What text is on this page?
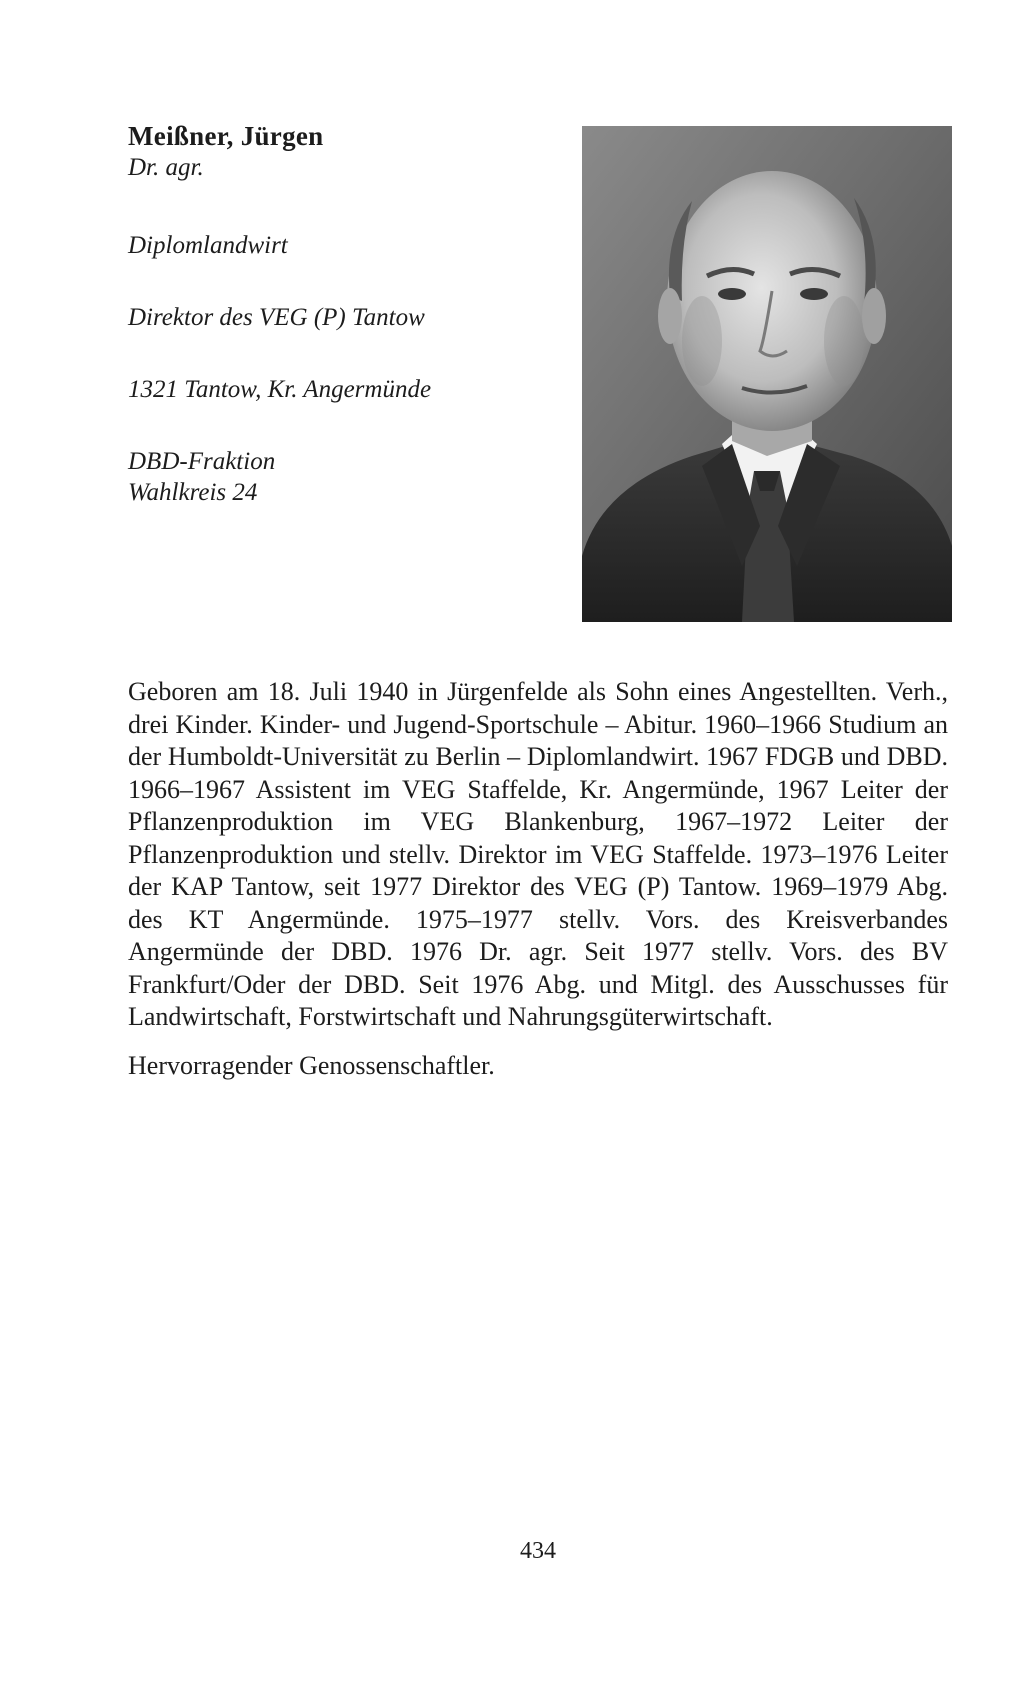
Meißner, Jürgen

Dr. agr.

Diplomlandwirt

Direktor des VEG (P) Tantow

1321 Tantow, Kr. Angermünde

DBD-Fraktion

Wahlkreis 24

Geboren am 18. Juli 1940 in Jürgenfelde als Sohn eines Angestellten. Verh., drei Kinder. Kinder- und Jugend-Sportschule – Abitur. 1960–1966 Studium an der Humboldt-Universität zu Berlin – Diplomlandwirt. 1967 FDGB und DBD. 1966–1967 Assistent im VEG Staffelde, Kr. Angermünde, 1967 Leiter der Pflanzenproduktion im VEG Blankenburg, 1967–1972 Leiter der Pflanzenproduktion und stellv. Direktor im VEG Staffelde. 1973–1976 Leiter der KAP Tantow, seit 1977 Direktor des VEG (P) Tantow. 1969–1979 Abg. des KT Angermünde. 1975–1977 stellv. Vors. des Kreisverbandes Angermünde der DBD. 1976 Dr. agr. Seit 1977 stellv. Vors. des BV Frankfurt/Oder der DBD. Seit 1976 Abg. und Mitgl. des Ausschusses für Landwirtschaft, Forstwirtschaft und Nahrungsgüterwirtschaft.

Hervorragender Genossenschaftler.

434
